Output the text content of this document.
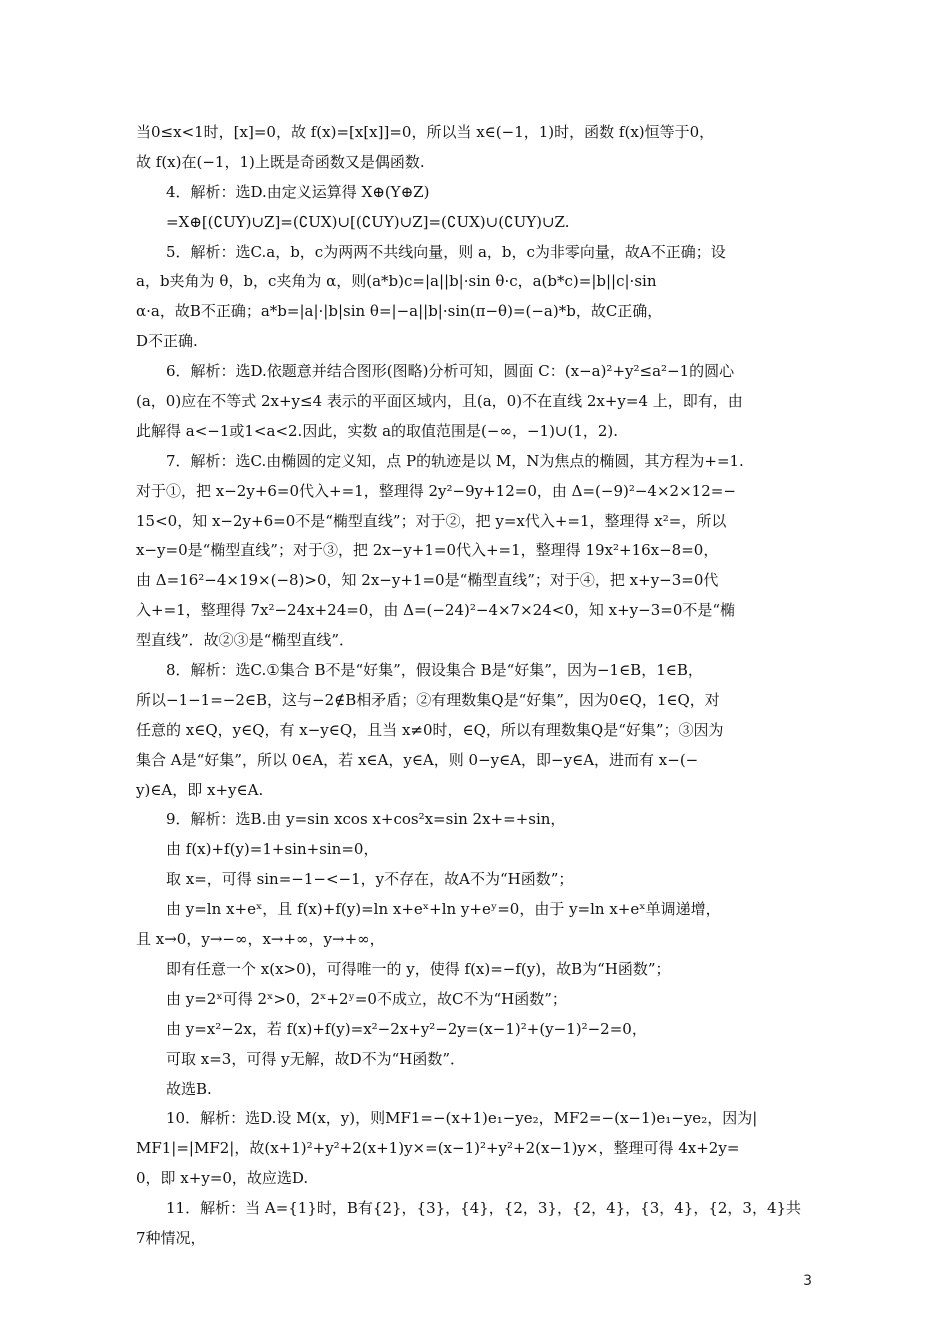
当0≤x<1时，[x]=0，故 f(x)=[x[x]]=0，所以当 x∈(−1，1)时，函数 f(x)恒等于0，
故 f(x)在(−1，1)上既是奇函数又是偶函数.
4．解析：选D.由定义运算得 X⊕(Y⊕Z)
=X⊕[(∁UY)∪Z]=(∁UX)∪[(∁UY)∪Z]=(∁UX)∪(∁UY)∪Z.
5．解析：选C.a，b，c为两两不共线向量，则 a，b，c为非零向量，故A不正确；设
a，b夹角为 θ，b，c夹角为 α，则(a*b)c=|a||b|·sin θ·c，a(b*c)=|b||c|·sin
α·a，故B不正确；a*b=|a|·|b|sin θ=|−a||b|·sin(π−θ)=(−a)*b，故C正确，
D不正确.
6．解析：选D.依题意并结合图形(图略)分析可知，圆面 C：(x−a)²+y²≤a²−1的圆心
(a，0)应在不等式 2x+y≤4 表示的平面区域内，且(a，0)不在直线 2x+y=4 上，即有，由
此解得 a<−1或1<a<2.因此，实数 a的取值范围是(−∞，−1)∪(1，2).
7．解析：选C.由椭圆的定义知，点 P的轨迹是以 M，N为焦点的椭圆，其方程为+=1.
对于①，把 x−2y+6=0代入+=1，整理得 2y²−9y+12=0，由 Δ=(−9)²−4×2×12=−
15<0，知 x−2y+6=0不是“椭型直线”；对于②，把 y=x代入+=1，整理得 x²=，所以
x−y=0是“椭型直线”；对于③，把 2x−y+1=0代入+=1，整理得 19x²+16x−8=0，
由 Δ=16²−4×19×(−8)>0，知 2x−y+1=0是“椭型直线”；对于④，把 x+y−3=0代
入+=1，整理得 7x²−24x+24=0，由 Δ=(−24)²−4×7×24<0，知 x+y−3=0不是“椭
型直线”．故②③是“椭型直线”．
8．解析：选C.①集合 B不是“好集”，假设集合 B是“好集”，因为−1∈B，1∈B，
所以−1−1=−2∈B，这与−2∉B相矛盾；②有理数集Q是“好集”，因为0∈Q，1∈Q，对
任意的 x∈Q，y∈Q，有 x−y∈Q，且当 x≠0时，∈Q，所以有理数集Q是“好集”；③因为
集合 A是“好集”，所以 0∈A，若 x∈A，y∈A，则 0−y∈A，即−y∈A，进而有 x−(−
y)∈A，即 x+y∈A.
9．解析：选B.由 y=sin xcos x+cos²x=sin 2x+=+sin，
由 f(x)+f(y)=1+sin+sin=0，
取 x=，可得 sin=−1−<−1，y不存在，故A不为“H函数”；
由 y=ln x+eˣ，且 f(x)+f(y)=ln x+eˣ+ln y+eʸ=0，由于 y=ln x+eˣ单调递增，
且 x→0，y→−∞，x→+∞，y→+∞，
即有任意一个 x(x>0)，可得唯一的 y，使得 f(x)=−f(y)，故B为“H函数”；
由 y=2ˣ可得 2ˣ>0，2ˣ+2ʸ=0不成立，故C不为“H函数”；
由 y=x²−2x，若 f(x)+f(y)=x²−2x+y²−2y=(x−1)²+(y−1)²−2=0，
可取 x=3，可得 y无解，故D不为“H函数”．
故选B.
10．解析：选D.设 M(x，y)，则MF1=−(x+1)e₁−ye₂，MF2=−(x−1)e₁−ye₂，因为|
MF1|=|MF2|，故(x+1)²+y²+2(x+1)y×=(x−1)²+y²+2(x−1)y×，整理可得 4x+2y=
0，即 x+y=0，故应选D.
11．解析：当 A={1}时，B有{2}，{3}，{4}，{2，3}，{2，4}，{3，4}，{2，3，4}共
7种情况，
3
